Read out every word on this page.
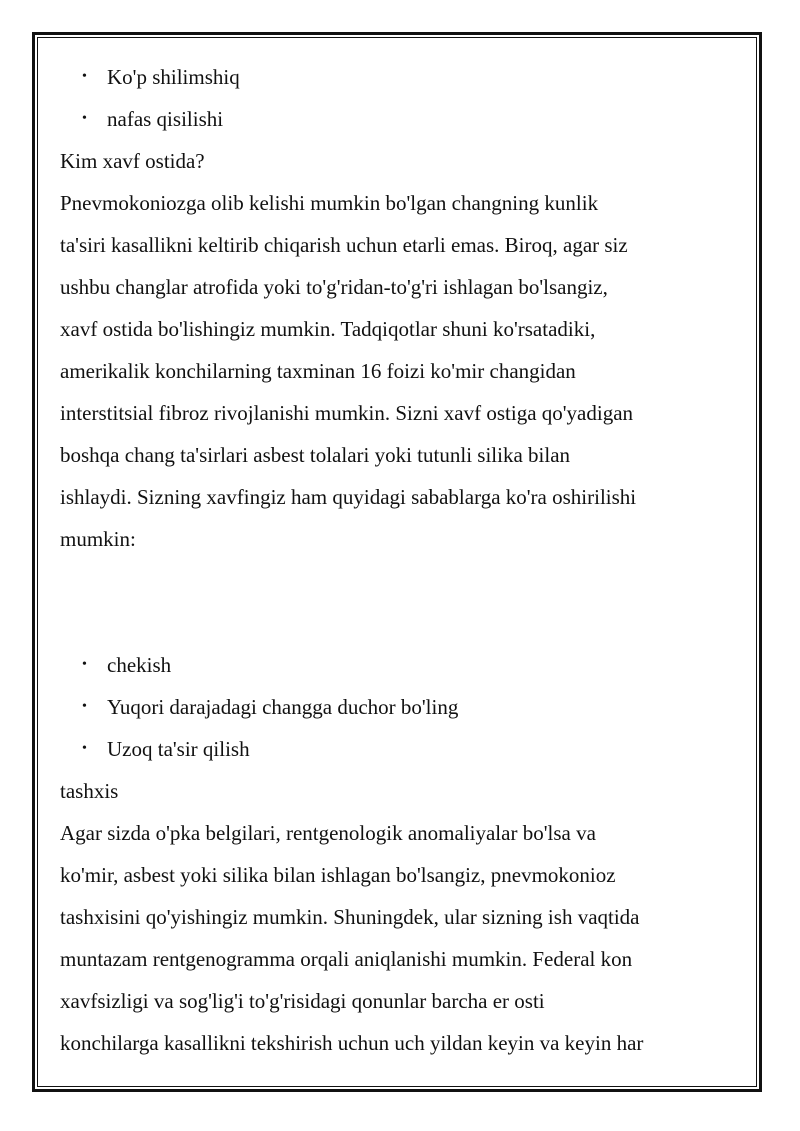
• Ko'p shilimshiq
• nafas qisilishi

Kim xavf ostida?

Pnevmokoniozga olib kelishi mumkin bo'lgan changning kunlik
ta'siri kasallikni keltirib chiqarish uchun etarli emas. Biroq, agar siz
ushbu changlar atrofida yoki to'g'ridan-to'g'ri ishlagan bo'lsangiz,
xavf ostida bo'lishingiz mumkin. Tadqiqotlar shuni ko'rsatadiki,
amerikalik konchilarning taxminan 16 foizi ko'mir changidan
interstitsial fibroz rivojlanishi mumkin. Sizni xavf ostiga qo'yadigan
boshqa chang ta'sirlari asbest tolalari yoki tutunli silika bilan
ishlaydi. Sizning xavfingiz ham quyidagi sabablarga ko'ra oshirilishi
mumkin:
• chekish
• Yuqori darajadagi changga duchor bo'ling
• Uzoq ta'sir qilish

tashxis

Agar sizda o'pka belgilari, rentgenologik anomaliyalar bo'lsa va
ko'mir, asbest yoki silika bilan ishlagan bo'lsangiz, pnevmokonioz
tashxisini qo'yishingiz mumkin. Shuningdek, ular sizning ish vaqtida
muntazam rentgenogramma orqali aniqlanishi mumkin. Federal kon
xavfsizligi va sog'lig'i to'g'risidagi qonunlar barcha er osti
konchilarga kasallikni tekshirish uchun uch yildan keyin va keyin har
